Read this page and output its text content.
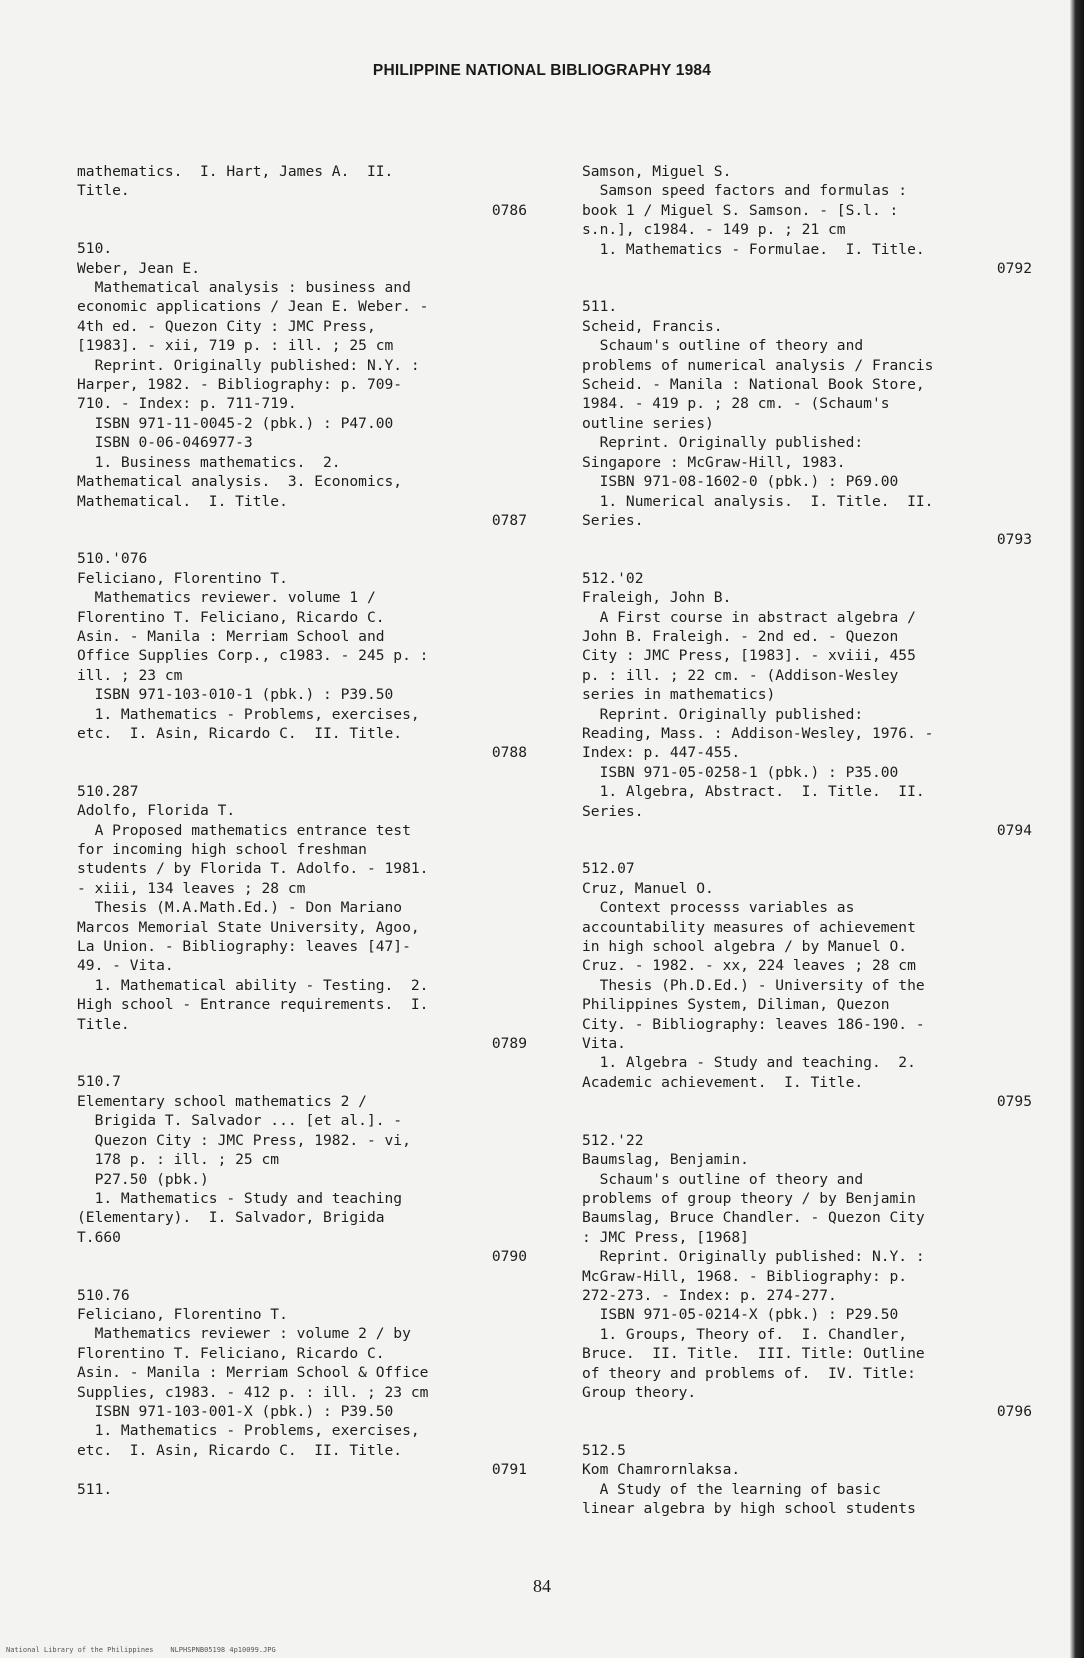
PHILIPPINE NATIONAL BIBLIOGRAPHY 1984
mathematics.  I. Hart, James A.  II.
Title.
0786
510.
Weber, Jean E.
Mathematical analysis : business and
economic applications / Jean E. Weber. -
4th ed. - Quezon City : JMC Press,
[1983]. - xii, 719 p. : ill. ; 25 cm
Reprint. Originally published: N.Y. :
Harper, 1982. - Bibliography: p. 709-
710. - Index: p. 711-719.
ISBN 971-11-0045-2 (pbk.) : P47.00
ISBN 0-06-046977-3
1. Business mathematics.  2.
Mathematical analysis.  3. Economics,
Mathematical.  I. Title.
0787
510.'076
Feliciano, Florentino T.
Mathematics reviewer. volume 1 /
Florentino T. Feliciano, Ricardo C.
Asin. - Manila : Merriam School and
Office Supplies Corp., c1983. - 245 p. :
ill. ; 23 cm
ISBN 971-103-010-1 (pbk.) : P39.50
1. Mathematics - Problems, exercises,
etc.  I. Asin, Ricardo C.  II. Title.
0788
510.287
Adolfo, Florida T.
A Proposed mathematics entrance test
for incoming high school freshman
students / by Florida T. Adolfo. - 1981.
- xiii, 134 leaves ; 28 cm
Thesis (M.A.Math.Ed.) - Don Mariano
Marcos Memorial State University, Agoo,
La Union. - Bibliography: leaves [47]-
49. - Vita.
1. Mathematical ability - Testing.  2.
High school - Entrance requirements.  I.
Title.
0789
510.7
Elementary school mathematics 2 /
Brigida T. Salvador ... [et al.]. -
Quezon City : JMC Press, 1982. - vi,
178 p. : ill. ; 25 cm
P27.50 (pbk.)
1. Mathematics - Study and teaching
(Elementary).  I. Salvador, Brigida
T.660
0790
510.76
Feliciano, Florentino T.
Mathematics reviewer : volume 2 / by
Florentino T. Feliciano, Ricardo C.
Asin. - Manila : Merriam School & Office
Supplies, c1983. - 412 p. : ill. ; 23 cm
ISBN 971-103-001-X (pbk.) : P39.50
1. Mathematics - Problems, exercises,
etc.  I. Asin, Ricardo C.  II. Title.
0791
511.
Samson, Miguel S.
Samson speed factors and formulas :
book 1 / Miguel S. Samson. - [S.l. :
s.n.], c1984. - 149 p. ; 21 cm
1. Mathematics - Formulae.  I. Title.
0792
511.
Scheid, Francis.
Schaum's outline of theory and
problems of numerical analysis / Francis
Scheid. - Manila : National Book Store,
1984. - 419 p. ; 28 cm. - (Schaum's
outline series)
Reprint. Originally published:
Singapore : McGraw-Hill, 1983.
ISBN 971-08-1602-0 (pbk.) : P69.00
1. Numerical analysis.  I. Title.  II.
Series.
0793
512.'02
Fraleigh, John B.
A First course in abstract algebra /
John B. Fraleigh. - 2nd ed. - Quezon
City : JMC Press, [1983]. - xviii, 455
p. : ill. ; 22 cm. - (Addison-Wesley
series in mathematics)
Reprint. Originally published:
Reading, Mass. : Addison-Wesley, 1976. -
Index: p. 447-455.
ISBN 971-05-0258-1 (pbk.) : P35.00
1. Algebra, Abstract.  I. Title.  II.
Series.
0794
512.07
Cruz, Manuel O.
Context processs variables as
accountability measures of achievement
in high school algebra / by Manuel O.
Cruz. - 1982. - xx, 224 leaves ; 28 cm
Thesis (Ph.D.Ed.) - University of the
Philippines System, Diliman, Quezon
City. - Bibliography: leaves 186-190. -
Vita.
1. Algebra - Study and teaching.  2.
Academic achievement.  I. Title.
0795
512.'22
Baumslag, Benjamin.
Schaum's outline of theory and
problems of group theory / by Benjamin
Baumslag, Bruce Chandler. - Quezon City
: JMC Press, [1968]
Reprint. Originally published: N.Y. :
McGraw-Hill, 1968. - Bibliography: p.
272-273. - Index: p. 274-277.
ISBN 971-05-0214-X (pbk.) : P29.50
1. Groups, Theory of.  I. Chandler,
Bruce.  II. Title.  III. Title: Outline
of theory and problems of.  IV. Title:
Group theory.
0796
512.5
Kom Chamrornlaksa.
A Study of the learning of basic
linear algebra by high school students
84
National Library of the Philippines    NLPHSPNB05198 4p10099.JPG
